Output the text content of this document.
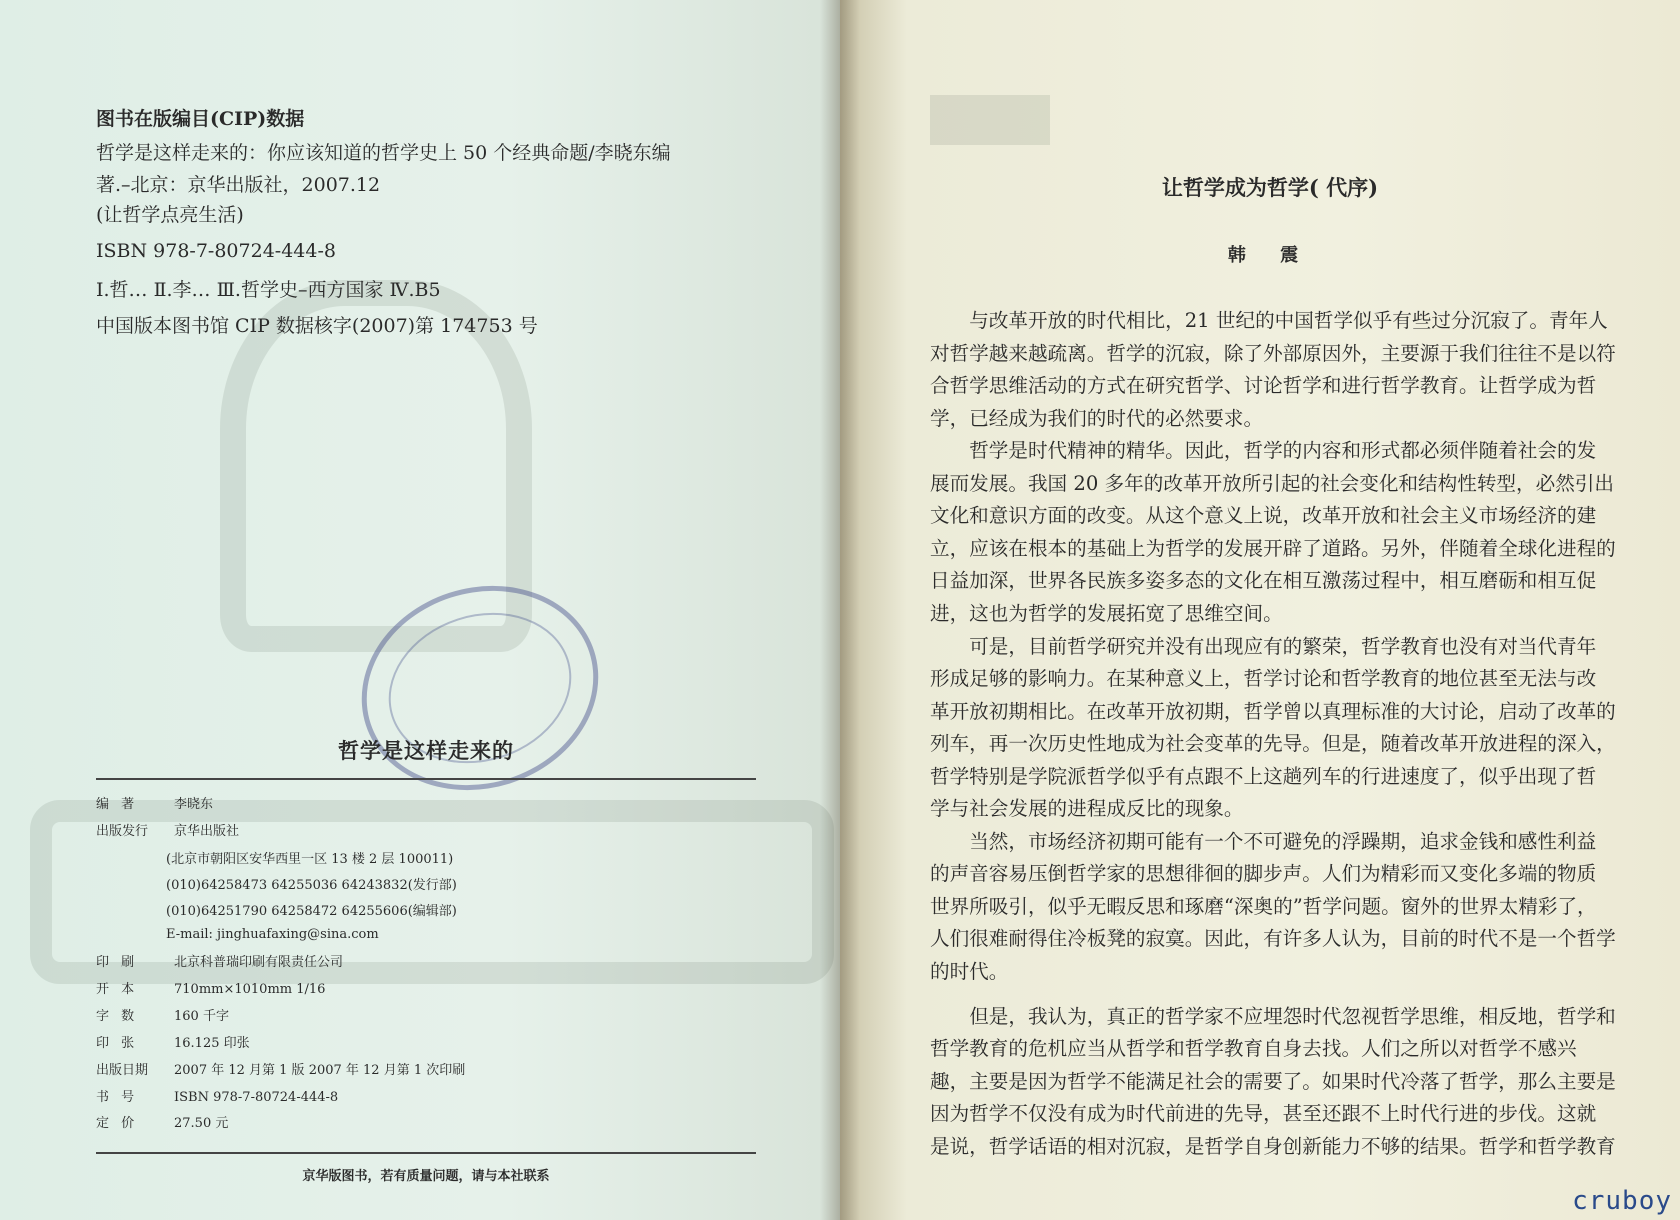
图书在版编目(CIP)数据
哲学是这样走来的：你应该知道的哲学史上 50 个经典命题/李晓东编
著.–北京：京华出版社，2007.12
(让哲学点亮生活)
ISBN 978-7-80724-444-8
Ⅰ.哲… Ⅱ.李… Ⅲ.哲学史–西方国家 Ⅳ.B5
中国版本图书馆 CIP 数据核字(2007)第 174753 号
哲学是这样走来的
编 著	李晓东
出版发行 京华出版社
(北京市朝阳区安华西里一区 13 楼 2 层 100011)
(010)64258473 64255036 64243832(发行部)
(010)64251790 64258472 64255606(编辑部)
E-mail: jinghuafaxing@sina.com
印 刷	北京科普瑞印刷有限责任公司
开 本	710mm×1010mm 1/16
字 数	160 千字
印 张	16.125 印张
出版日期 2007 年 12 月第 1 版 2007 年 12 月第 1 次印刷
书 号	ISBN 978-7-80724-444-8
定 价	27.50 元
京华版图书，若有质量问题，请与本社联系
让哲学成为哲学( 代序)
韩 震
与改革开放的时代相比，21 世纪的中国哲学似乎有些过分沉寂了。青年人
对哲学越来越疏离。哲学的沉寂，除了外部原因外，主要源于我们往往不是以符
合哲学思维活动的方式在研究哲学、讨论哲学和进行哲学教育。让哲学成为哲
学，已经成为我们的时代的必然要求。
哲学是时代精神的精华。因此，哲学的内容和形式都必须伴随着社会的发
展而发展。我国 20 多年的改革开放所引起的社会变化和结构性转型，必然引出
文化和意识方面的改变。从这个意义上说，改革开放和社会主义市场经济的建
立，应该在根本的基础上为哲学的发展开辟了道路。另外，伴随着全球化进程的
日益加深，世界各民族多姿多态的文化在相互激荡过程中，相互磨砺和相互促
进，这也为哲学的发展拓宽了思维空间。
可是，目前哲学研究并没有出现应有的繁荣，哲学教育也没有对当代青年
形成足够的影响力。在某种意义上，哲学讨论和哲学教育的地位甚至无法与改
革开放初期相比。在改革开放初期，哲学曾以真理标准的大讨论，启动了改革的
列车，再一次历史性地成为社会变革的先导。但是，随着改革开放进程的深入，
哲学特别是学院派哲学似乎有点跟不上这趟列车的行进速度了，似乎出现了哲
学与社会发展的进程成反比的现象。
当然，市场经济初期可能有一个不可避免的浮躁期，追求金钱和感性利益
的声音容易压倒哲学家的思想徘徊的脚步声。人们为精彩而又变化多端的物质
世界所吸引，似乎无暇反思和琢磨“深奥的”哲学问题。窗外的世界太精彩了，
人们很难耐得住冷板凳的寂寞。因此，有许多人认为，目前的时代不是一个哲学
的时代。
但是，我认为，真正的哲学家不应埋怨时代忽视哲学思维，相反地，哲学和
哲学教育的危机应当从哲学和哲学教育自身去找。人们之所以对哲学不感兴
趣，主要是因为哲学不能满足社会的需要了。如果时代冷落了哲学，那么主要是
因为哲学不仅没有成为时代前进的先导，甚至还跟不上时代行进的步伐。这就
是说，哲学话语的相对沉寂，是哲学自身创新能力不够的结果。哲学和哲学教育
cruboy
